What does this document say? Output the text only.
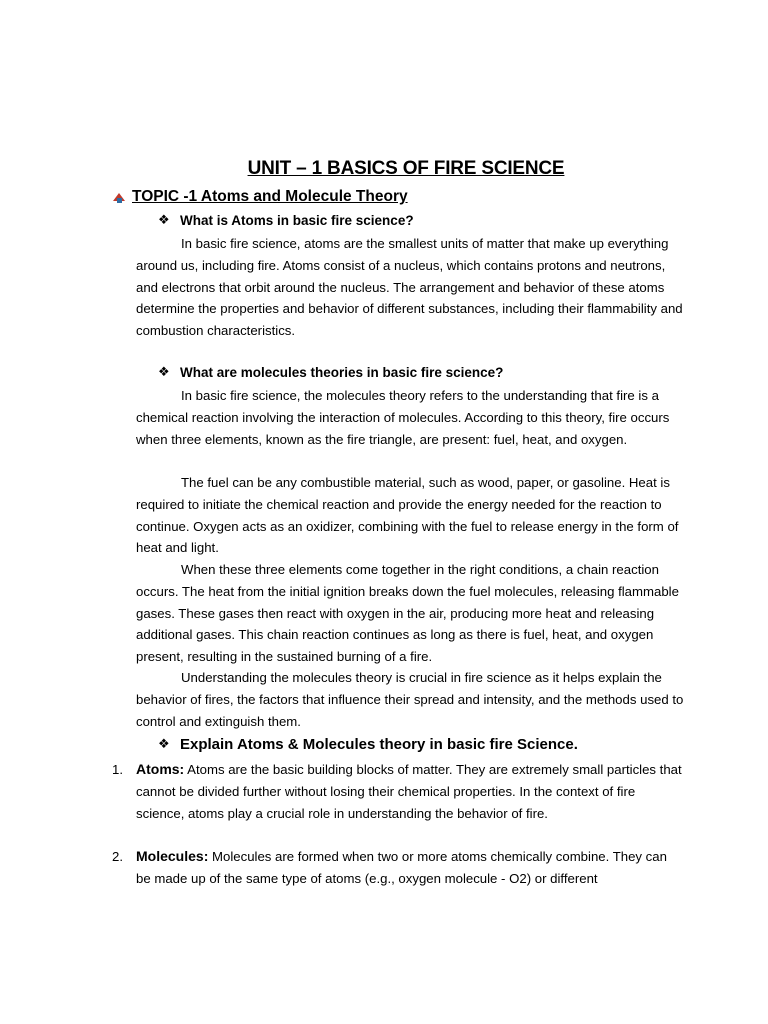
UNIT – 1 BASICS OF FIRE SCIENCE
TOPIC -1 Atoms and Molecule Theory
❖ What is Atoms in basic fire science?
In basic fire science, atoms are the smallest units of matter that make up everything around us, including fire. Atoms consist of a nucleus, which contains protons and neutrons, and electrons that orbit around the nucleus. The arrangement and behavior of these atoms determine the properties and behavior of different substances, including their flammability and combustion characteristics.
❖ What are molecules theories in basic fire science?
In basic fire science, the molecules theory refers to the understanding that fire is a chemical reaction involving the interaction of molecules. According to this theory, fire occurs when three elements, known as the fire triangle, are present: fuel, heat, and oxygen.
The fuel can be any combustible material, such as wood, paper, or gasoline. Heat is required to initiate the chemical reaction and provide the energy needed for the reaction to continue. Oxygen acts as an oxidizer, combining with the fuel to release energy in the form of heat and light.
When these three elements come together in the right conditions, a chain reaction occurs. The heat from the initial ignition breaks down the fuel molecules, releasing flammable gases. These gases then react with oxygen in the air, producing more heat and releasing additional gases. This chain reaction continues as long as there is fuel, heat, and oxygen present, resulting in the sustained burning of a fire.
Understanding the molecules theory is crucial in fire science as it helps explain the behavior of fires, the factors that influence their spread and intensity, and the methods used to control and extinguish them.
❖ Explain Atoms & Molecules theory in basic fire Science.
1. Atoms: Atoms are the basic building blocks of matter. They are extremely small particles that cannot be divided further without losing their chemical properties. In the context of fire science, atoms play a crucial role in understanding the behavior of fire.
2. Molecules: Molecules are formed when two or more atoms chemically combine. They can be made up of the same type of atoms (e.g., oxygen molecule - O2) or different
